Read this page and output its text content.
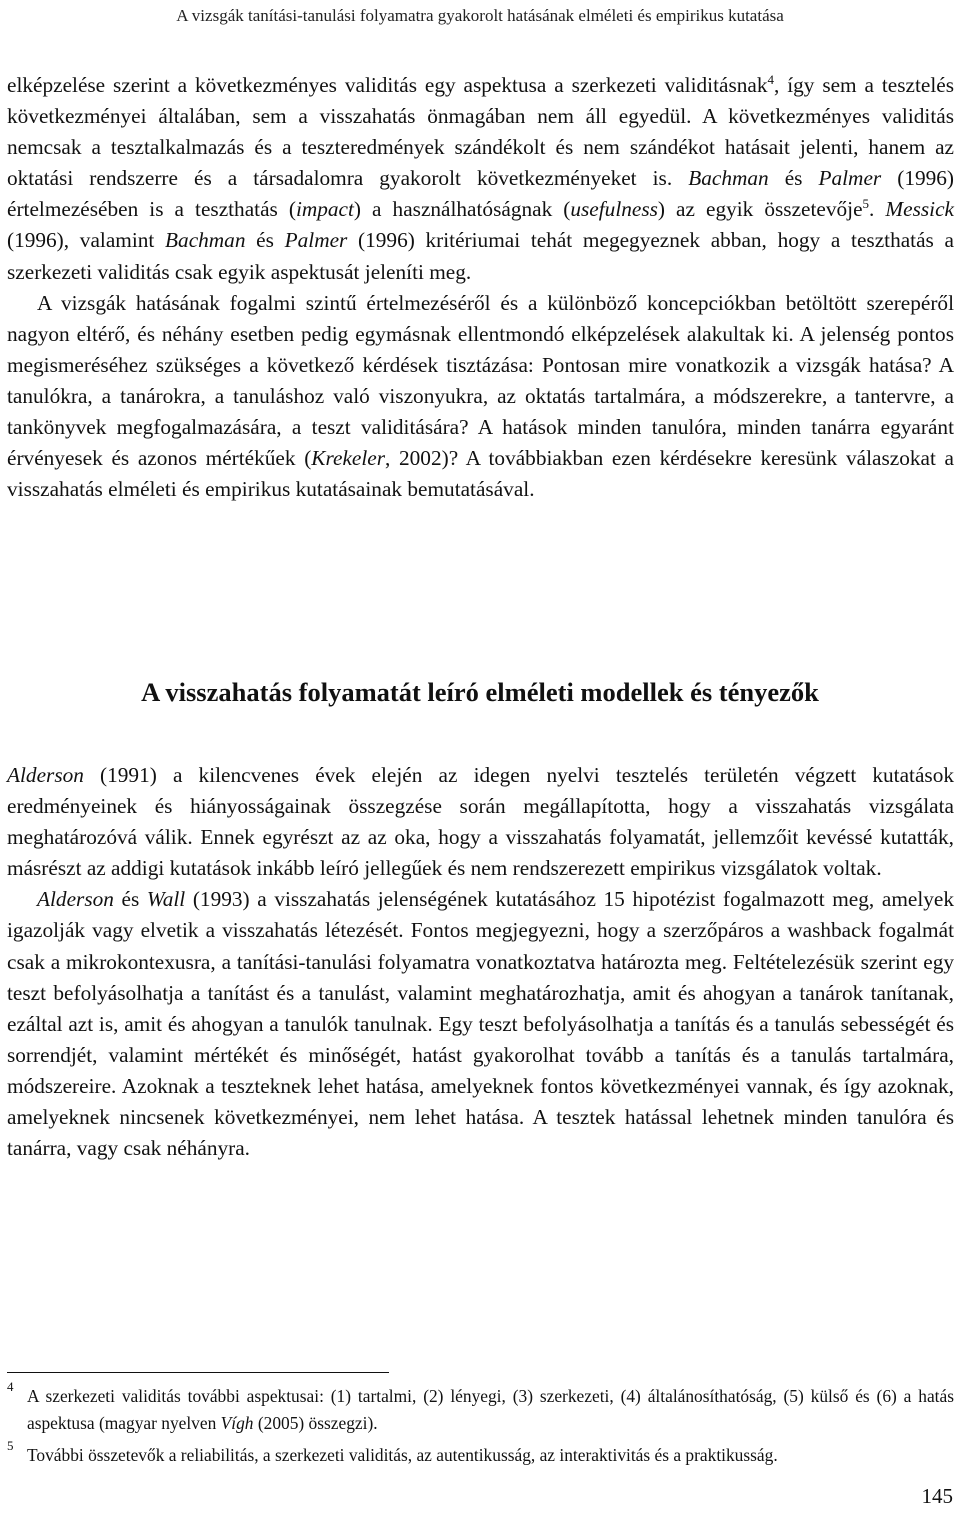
A vizsgák tanítási-tanulási folyamatra gyakorolt hatásának elméleti és empirikus kutatása

elképzelése szerint a következményes validitás egy aspektusa a szerkezeti validitásnak$^4$, így sem a tesztelés következményei általában, sem a visszahatás önmagában nem áll egyedül. A következményes validitás nemcsak a tesztalkalmazás és a teszteredmények szándékolt és nem szándékot hatásait jelenti, hanem az oktatási rendszerre és a társadalomra gyakorolt következményeket is. Bachman és Palmer (1996) értelmezésében is a teszthatás (impact) a használhatóságnak (usefulness) az egyik összetevője$^5$. Messick (1996), valamint Bachman és Palmer (1996) kritériumai tehát megegyeznek abban, hogy a teszthatás a szerkezeti validitás csak egyik aspektusát jeleníti meg.

A vizsgák hatásának fogalmi szintű értelmezéséről és a különböző koncepciókban betöltött szerepéről nagyon eltérő, és néhány esetben pedig egymásnak ellentmondó elképzelések alakultak ki. A jelenség pontos megismeréséhez szükséges a következő kérdések tisztázása: Pontosan mire vonatkozik a vizsgák hatása? A tanulókra, a tanárokra, a tanuláshoz való viszonyukra, az oktatás tartalmára, a módszerekre, a tantervre, a tankönyvek megfogalmazására, a teszt validitására? A hatások minden tanulóra, minden tanárra egyaránt érvényesek és azonos mértékűek (Krekeler, 2002)? A továbbiakban ezen kérdésekre keresünk válaszokat a visszahatás elméleti és empirikus kutatásainak bemutatásával.

A visszahatás folyamatát leíró elméleti modellek és tényezők

Alderson (1991) a kilencvenes évek elején az idegen nyelvi tesztelés területén végzett kutatások eredményeinek és hiányosságainak összegzése során megállapította, hogy a visszahatás vizsgálata meghatározóvá válik. Ennek egyrészt az az oka, hogy a visszahatás folyamatát, jellemzőit kevéssé kutatták, másrészt az addigi kutatások inkább leíró jellegűek és nem rendszerezett empirikus vizsgálatok voltak.

Alderson és Wall (1993) a visszahatás jelenségének kutatásához 15 hipotézist fogalmazott meg, amelyek igazolják vagy elvetik a visszahatás létezését. Fontos megjegyezni, hogy a szerzőpáros a washback fogalmát csak a mikrokontexusra, a tanítási-tanulási folyamatra vonatkoztatva határozta meg. Feltételezésük szerint egy teszt befolyásolhatja a tanítást és a tanulást, valamint meghatározhatja, amit és ahogyan a tanárok tanítanak, ezáltal azt is, amit és ahogyan a tanulók tanulnak. Egy teszt befolyásolhatja a tanítás és a tanulás sebességét és sorrendjét, valamint mértékét és minőségét, hatást gyakorolhat tovább a tanítás és a tanulás tartalmára, módszereire. Azoknak a teszteknek lehet hatása, amelyeknek fontos következményei vannak, és így azoknak, amelyeknek nincsenek következményei, nem lehet hatása. A tesztek hatással lehetnek minden tanulóra és tanárra, vagy csak néhányra.

4 A szerkezeti validitás további aspektusai: (1) tartalmi, (2) lényegi, (3) szerkezeti, (4) általánosíthatóság, (5) külső és (6) a hatás aspektusa (magyar nyelven Vígh (2005) összegzi).

5 További összetevők a reliabilitás, a szerkezeti validitás, az autentikusság, az interaktivitás és a praktikusság.

145
